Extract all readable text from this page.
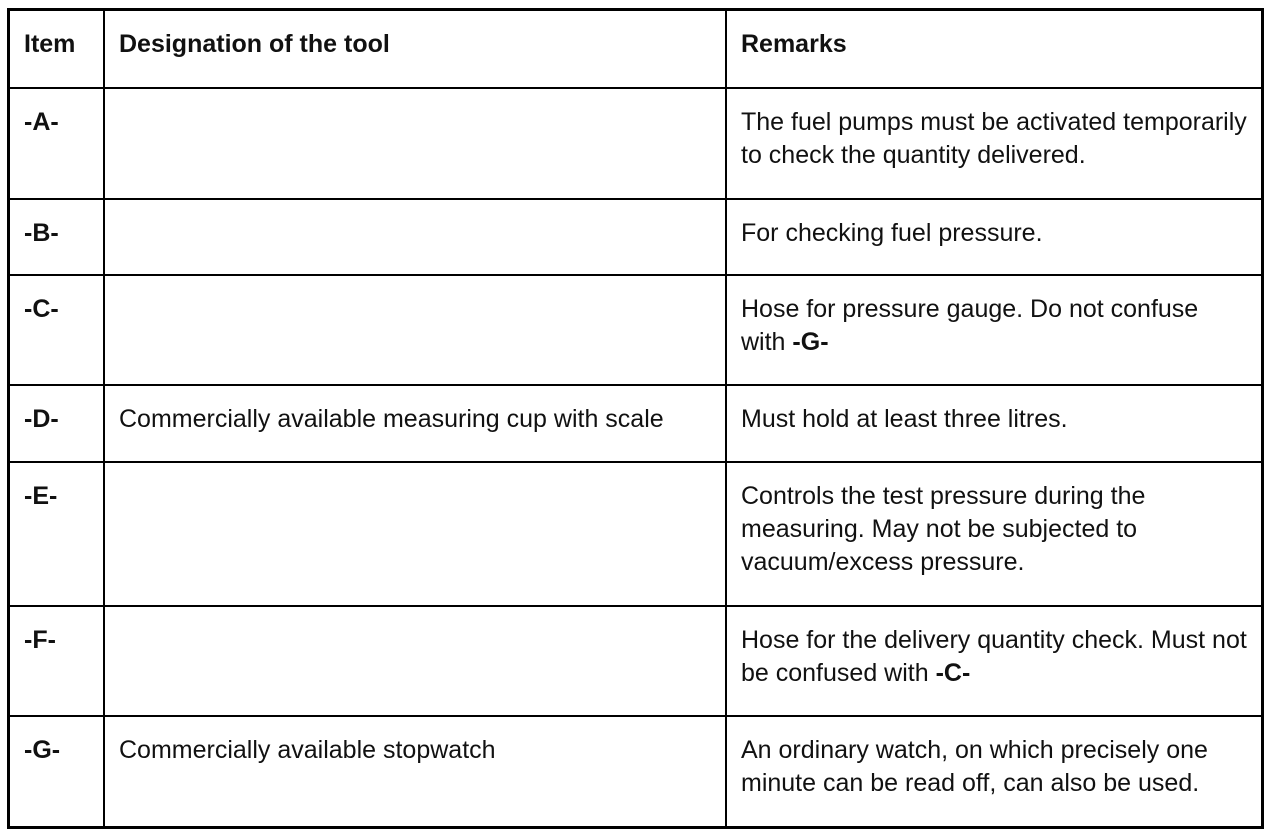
Item	Designation of the tool	Remarks
-A-		The fuel pumps must be activated temporarily to check the quantity delivered.
-B-		For checking fuel pressure.
-C-		Hose for pressure gauge. Do not confuse with -G-
-D-	Commercially available measuring cup with scale	Must hold at least three litres.
-E-		Controls the test pressure during the measuring. May not be subjected to vacuum/excess pressure.
-F-		Hose for the delivery quantity check. Must not be confused with -C-
-G-	Commercially available stopwatch	An ordinary watch, on which precisely one minute can be read off, can also be used.
